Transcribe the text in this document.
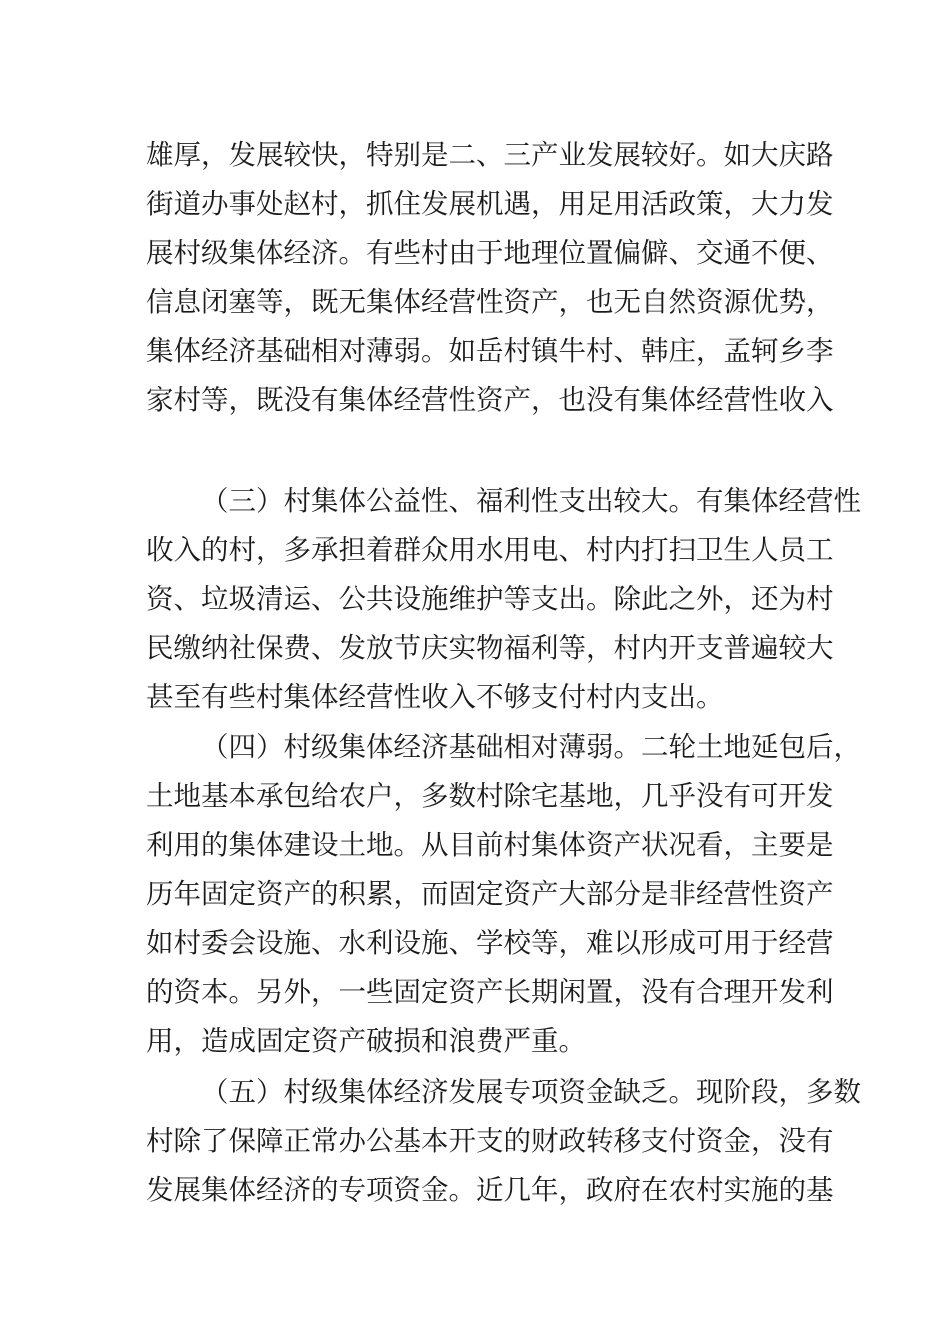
雄厚，发展较快，特别是二、三产业发展较好。如大庆路
街道办事处赵村，抓住发展机遇，用足用活政策，大力发
展村级集体经济。有些村由于地理位置偏僻、交通不便、
信息闭塞等，既无集体经营性资产，也无自然资源优势，
集体经济基础相对薄弱。如岳村镇牛村、韩庄，孟轲乡李
家村等，既没有集体经营性资产，也没有集体经营性收入
（三）村集体公益性、福利性支出较大。有集体经营性
收入的村，多承担着群众用水用电、村内打扫卫生人员工
资、垃圾清运、公共设施维护等支出。除此之外，还为村
民缴纳社保费、发放节庆实物福利等，村内开支普遍较大
甚至有些村集体经营性收入不够支付村内支出。
（四）村级集体经济基础相对薄弱。二轮土地延包后，
土地基本承包给农户，多数村除宅基地，几乎没有可开发
利用的集体建设土地。从目前村集体资产状况看，主要是
历年固定资产的积累，而固定资产大部分是非经营性资产
如村委会设施、水利设施、学校等，难以形成可用于经营
的资本。另外，一些固定资产长期闲置，没有合理开发利
用，造成固定资产破损和浪费严重。
（五）村级集体经济发展专项资金缺乏。现阶段，多数
村除了保障正常办公基本开支的财政转移支付资金，没有
发展集体经济的专项资金。近几年，政府在农村实施的基
